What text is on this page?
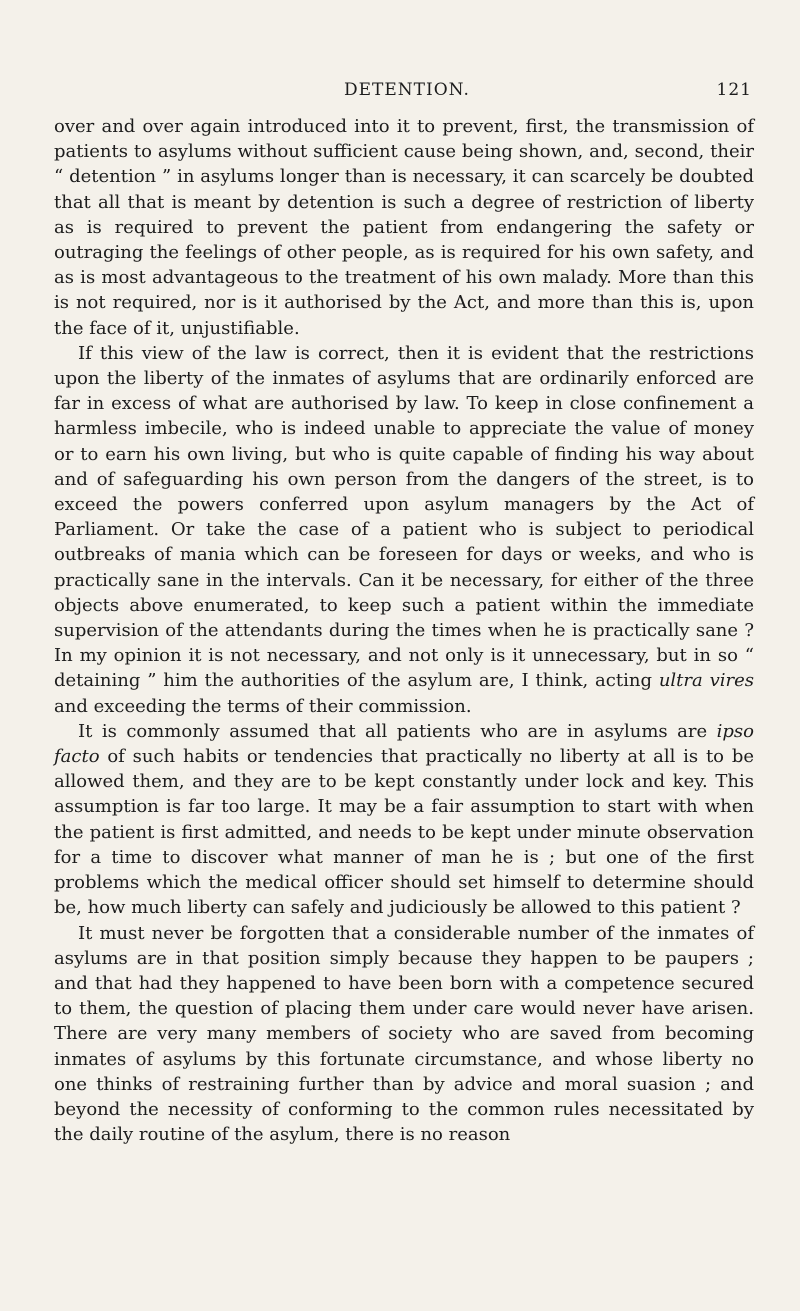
DETENTION.	121

over and over again introduced into it to prevent, first, the transmission of patients to asylums without sufficient cause being shown, and, second, their “ detention ” in asylums longer than is necessary, it can scarcely be doubted that all that is meant by detention is such a degree of restriction of liberty as is required to prevent the patient from endangering the safety or outraging the feelings of other people, as is required for his own safety, and as is most advantageous to the treatment of his own malady. More than this is not required, nor is it authorised by the Act, and more than this is, upon the face of it, unjustifiable.

If this view of the law is correct, then it is evident that the restrictions upon the liberty of the inmates of asylums that are ordinarily enforced are far in excess of what are authorised by law. To keep in close confinement a harmless imbecile, who is indeed unable to appreciate the value of money or to earn his own living, but who is quite capable of finding his way about and of safeguarding his own person from the dangers of the street, is to exceed the powers conferred upon asylum managers by the Act of Parliament. Or take the case of a patient who is subject to periodical outbreaks of mania which can be foreseen for days or weeks, and who is practically sane in the intervals. Can it be necessary, for either of the three objects above enumerated, to keep such a patient within the immediate supervision of the attendants during the times when he is practically sane ? In my opinion it is not necessary, and not only is it unnecessary, but in so “ detaining ” him the authorities of the asylum are, I think, acting ultra vires and exceeding the terms of their commission.

It is commonly assumed that all patients who are in asylums are ipso facto of such habits or tendencies that practically no liberty at all is to be allowed them, and they are to be kept constantly under lock and key. This assumption is far too large. It may be a fair assumption to start with when the patient is first admitted, and needs to be kept under minute observation for a time to discover what manner of man he is ; but one of the first problems which the medical officer should set himself to determine should be, how much liberty can safely and judiciously be allowed to this patient ?

It must never be forgotten that a considerable number of the inmates of asylums are in that position simply because they happen to be paupers ; and that had they happened to have been born with a competence secured to them, the question of placing them under care would never have arisen. There are very many members of society who are saved from becoming inmates of asylums by this fortunate circumstance, and whose liberty no one thinks of restraining further than by advice and moral suasion ; and beyond the necessity of conforming to the common rules necessitated by the daily routine of the asylum, there is no reason
